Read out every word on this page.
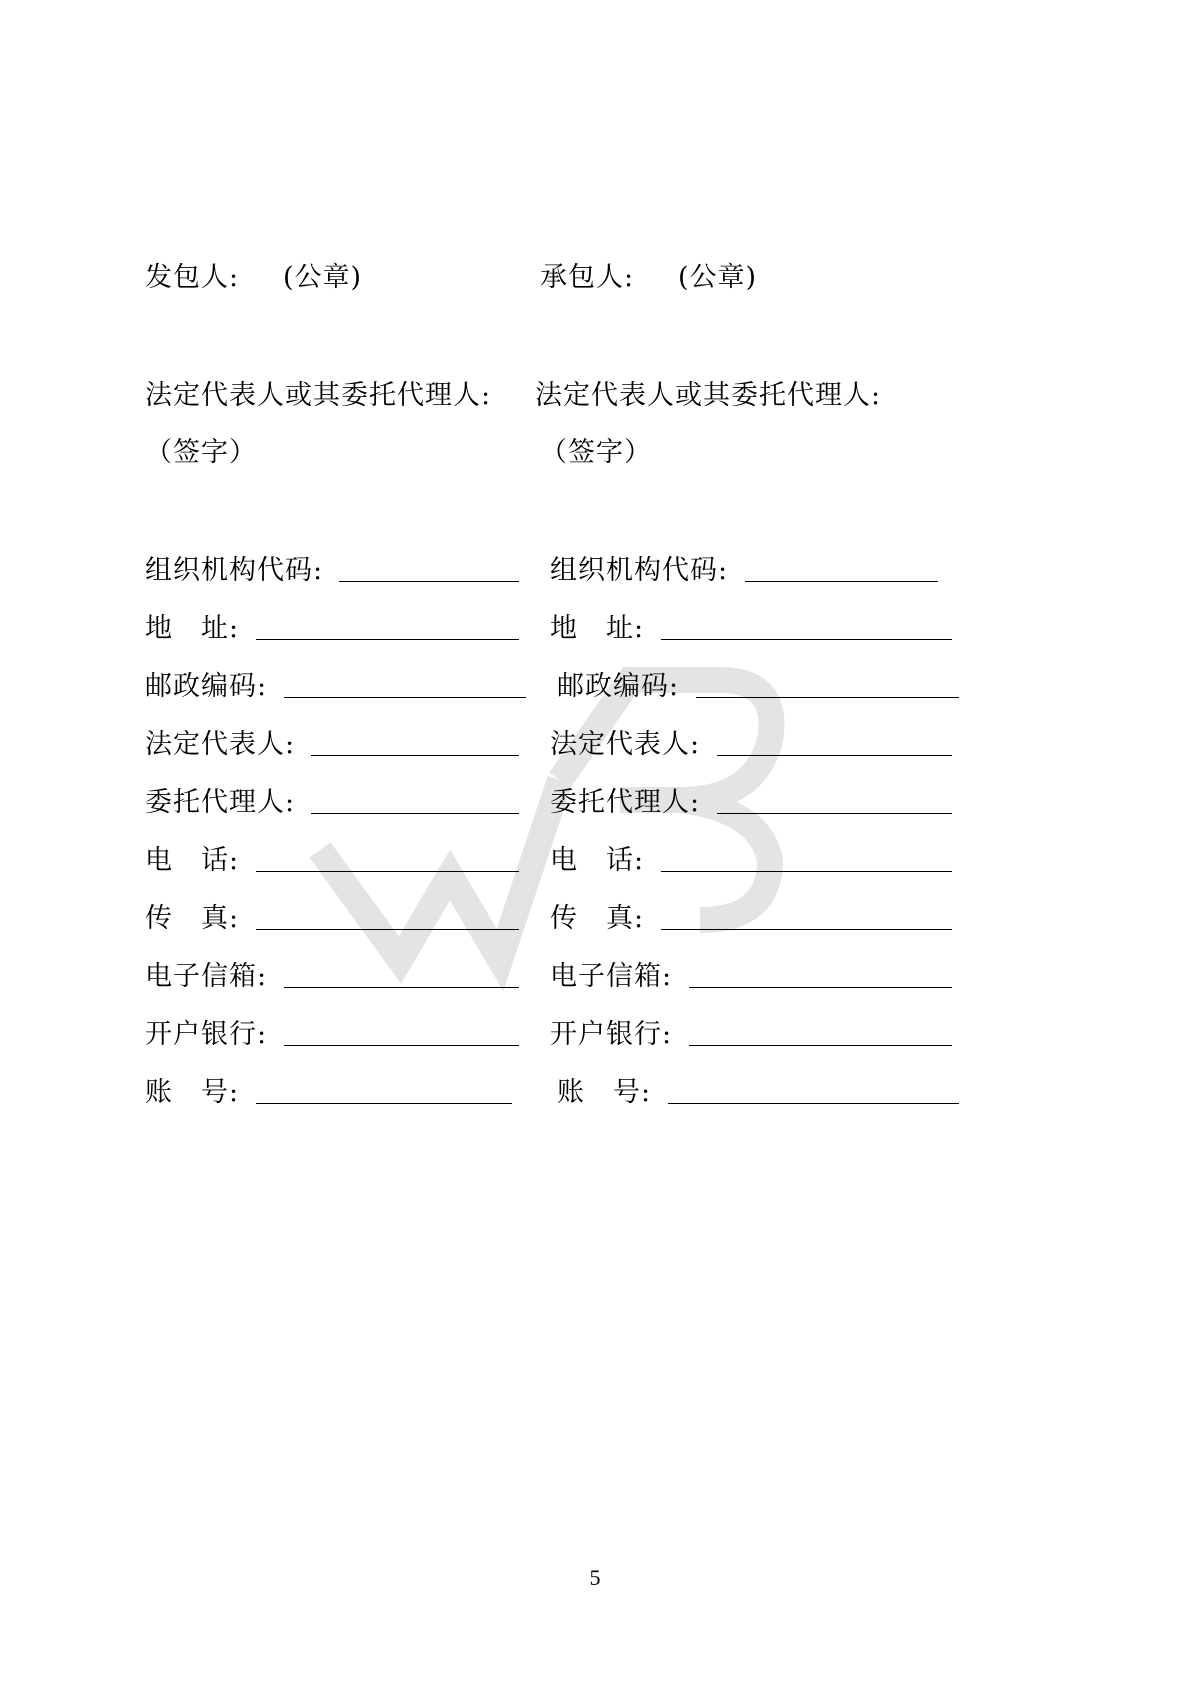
发包人: (公章)	承包人: (公章)
法定代表人或其委托代理人: 法定代表人或其委托代理人:
（签字）	（签字）
组织机构代码:
地　址:
邮政编码:
法定代表人:
委托代理人:
电　话:
传　真:
电子信箱:
开户银行:
账　号:
组织机构代码:
地　址:
邮政编码:
法定代表人:
委托代理人:
电　话:
传　真:
电子信箱:
开户银行:
账　号:
5
